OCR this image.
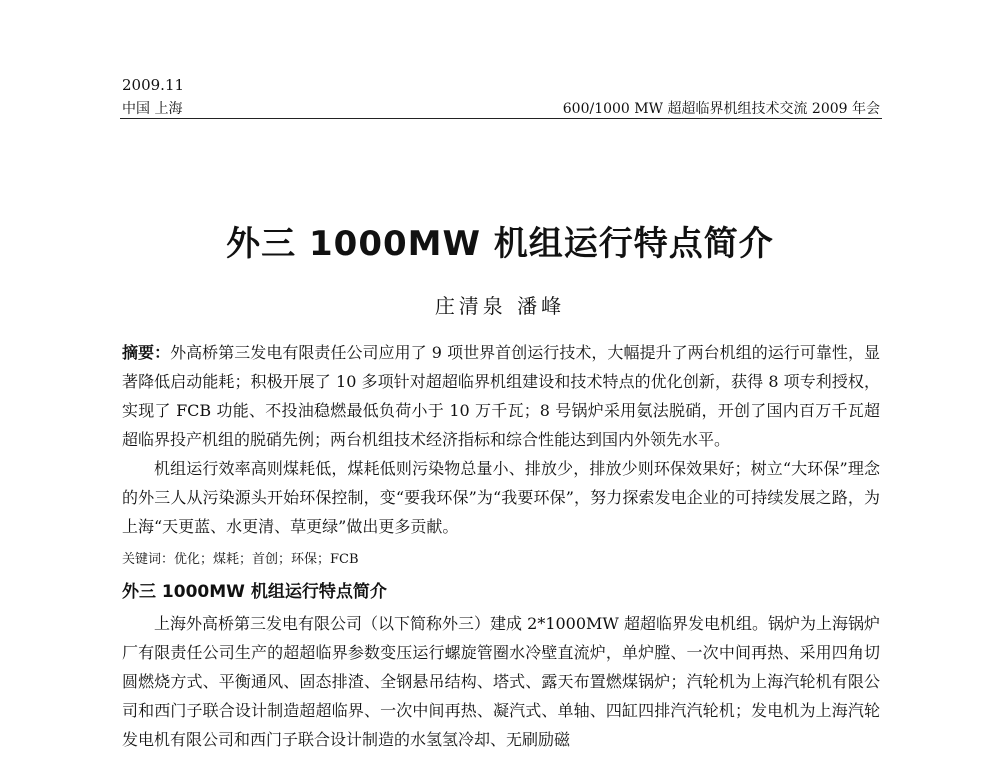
2009.11
中国 上海	600/1000 MW 超超临界机组技术交流 2009 年会
外三 1000MW 机组运行特点简介
庄清泉 潘峰

摘要：外高桥第三发电有限责任公司应用了 9 项世界首创运行技术，大幅提升了两台机组的运行可靠性，显著降低启动能耗；积极开展了 10 多项针对超超临界机组建设和技术特点的优化创新，获得 8 项专利授权，实现了 FCB 功能、不投油稳燃最低负荷小于 10 万千瓦；8 号锅炉采用氨法脱硝，开创了国内百万千瓦超超临界投产机组的脱硝先例；两台机组技术经济指标和综合性能达到国内外领先水平。

机组运行效率高则煤耗低，煤耗低则污染物总量小、排放少，排放少则环保效果好；树立“大环保”理念的外三人从污染源头开始环保控制，变“要我环保”为“我要环保”，努力探索发电企业的可持续发展之路，为上海“天更蓝、水更清、草更绿”做出更多贡献。

关键词：优化；煤耗；首创；环保；FCB

外三 1000MW 机组运行特点简介

上海外高桥第三发电有限公司（以下简称外三）建成 2*1000MW 超超临界发电机组。锅炉为上海锅炉厂有限责任公司生产的超超临界参数变压运行螺旋管圈水冷壁直流炉，单炉膛、一次中间再热、采用四角切圆燃烧方式、平衡通风、固态排渣、全钢悬吊结构、塔式、露天布置燃煤锅炉；汽轮机为上海汽轮机有限公司和西门子联合设计制造超超临界、一次中间再热、凝汽式、单轴、四缸四排汽汽轮机；发电机为上海汽轮发电机有限公司和西门子联合设计制造的水氢氢冷却、无刷励磁
